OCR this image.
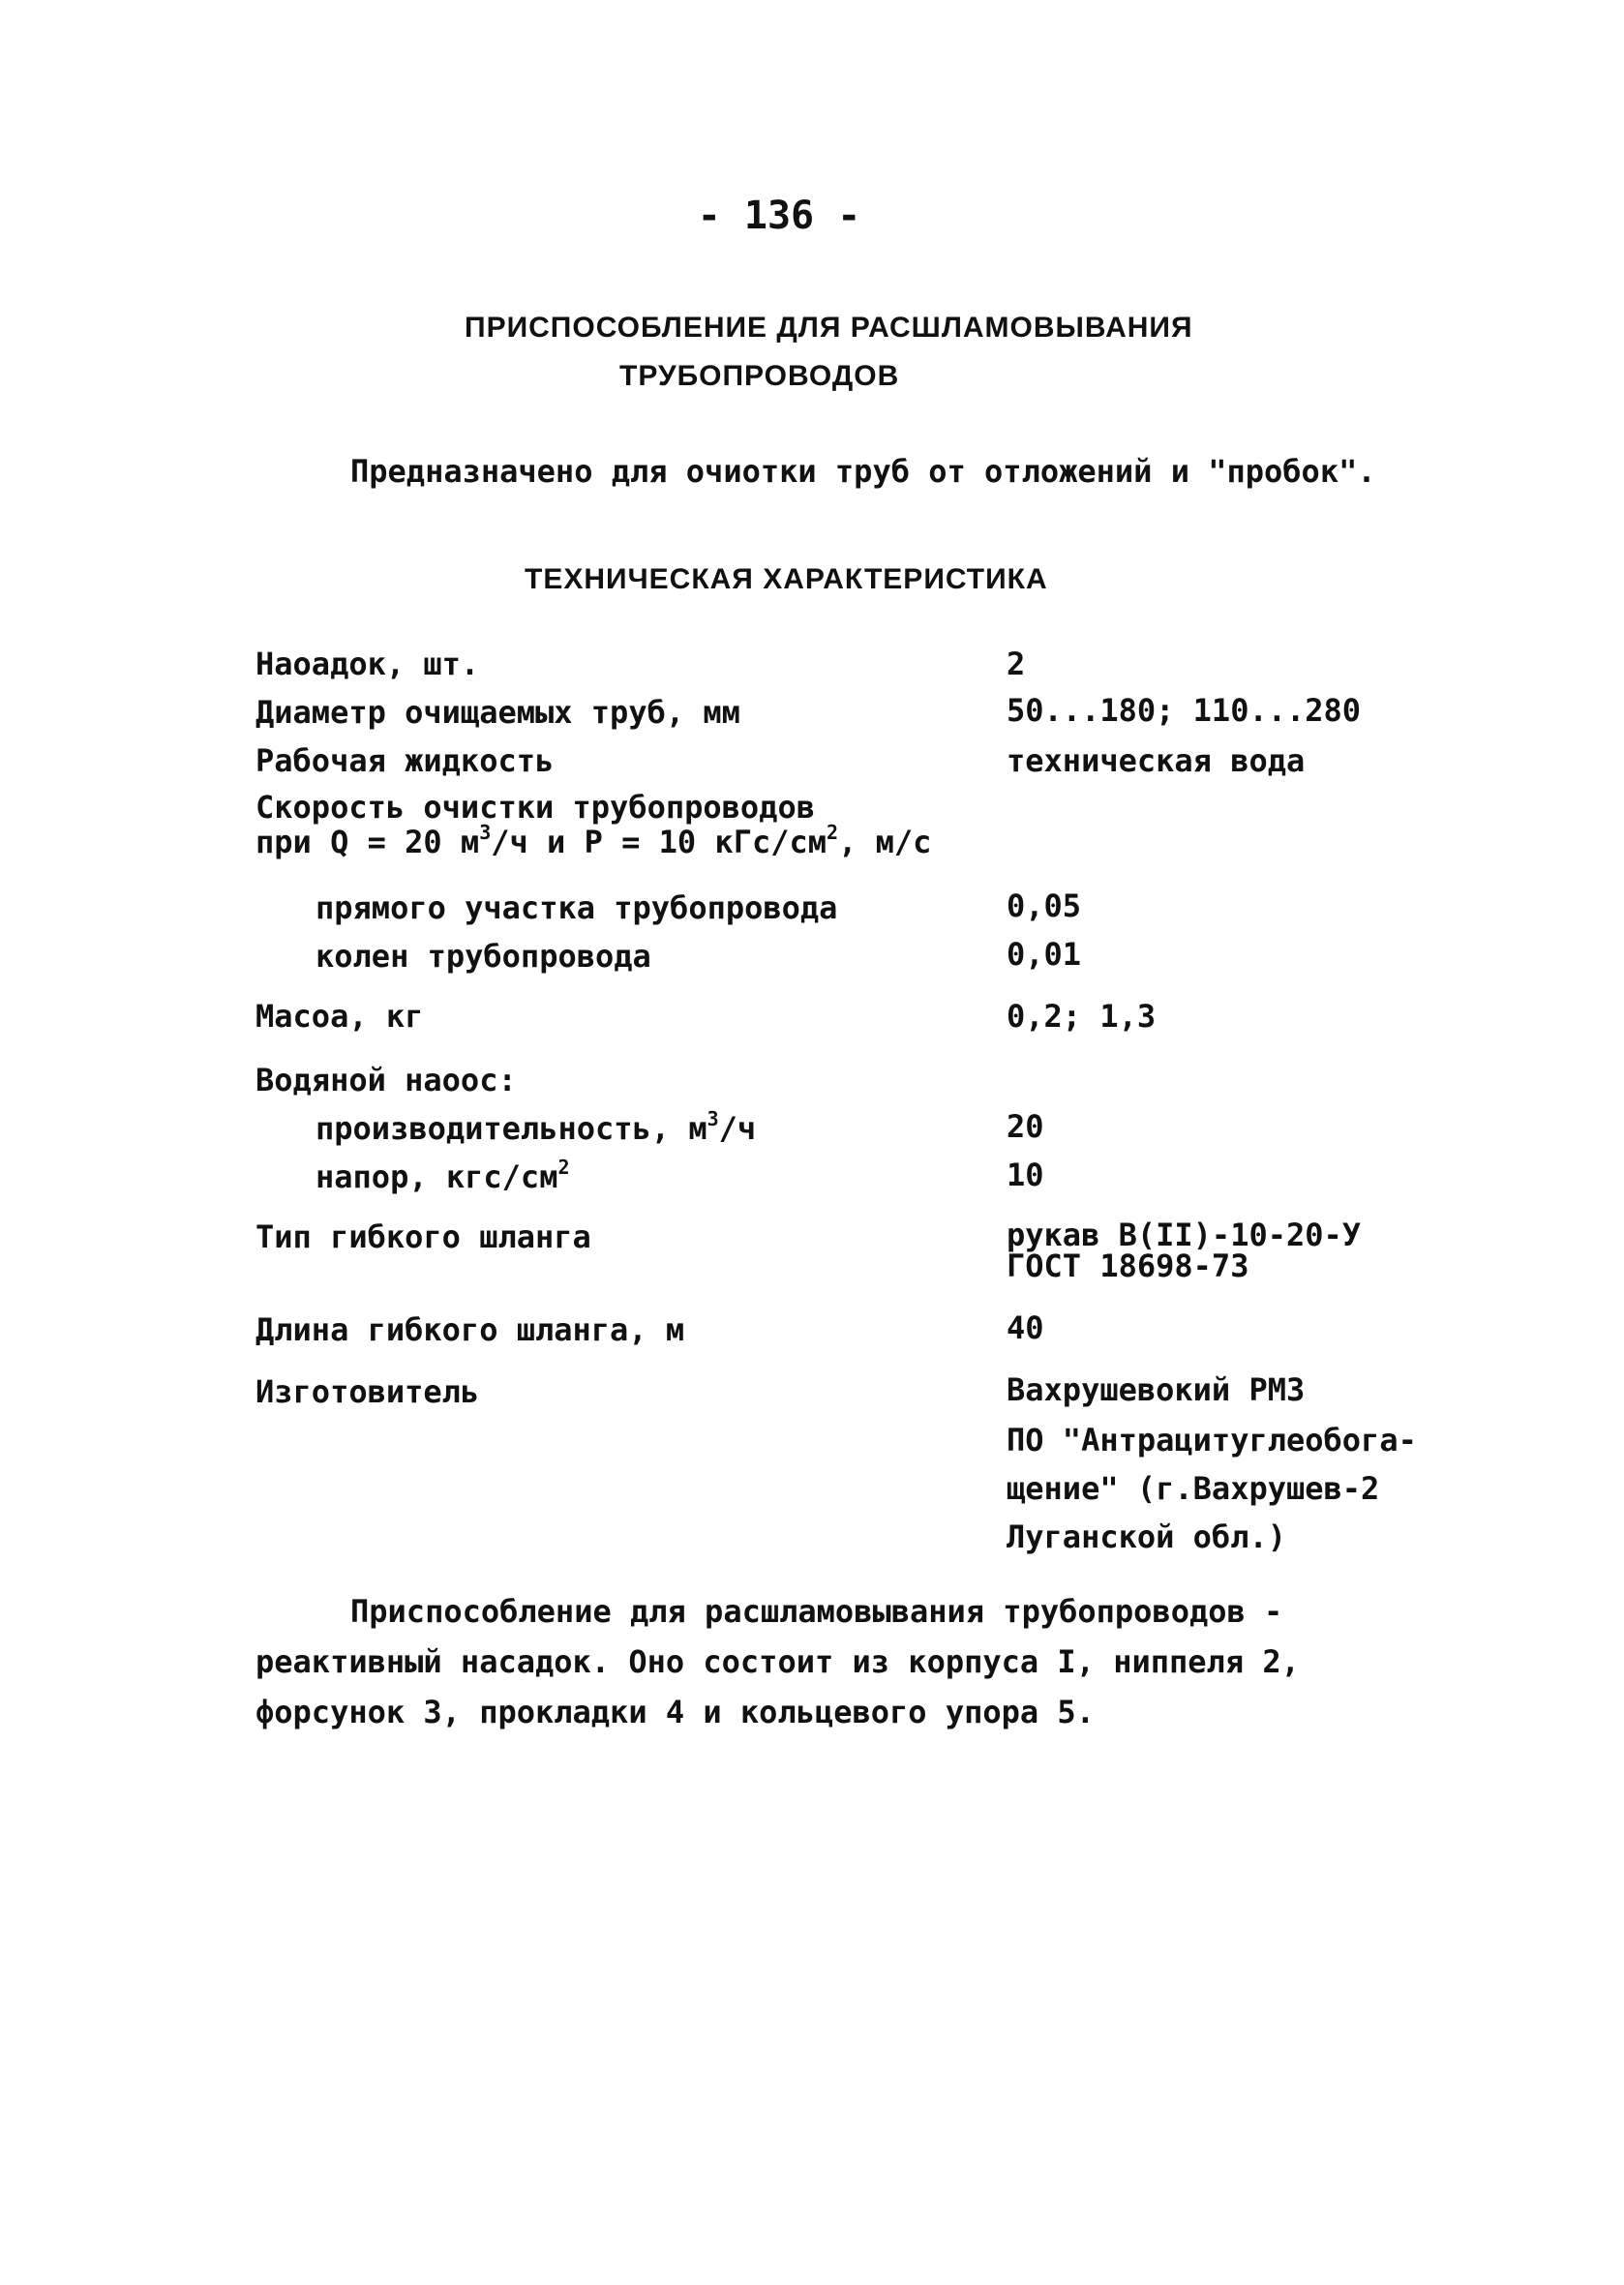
- 136 -
ПРИСПОСОБЛЕНИЕ ДЛЯ РАСШЛАМОВЫВАНИЯ
ТРУБОПРОВОДОВ
Предназначено для очиотки труб от отложений и "пробок".
ТЕХНИЧЕСКАЯ ХАРАКТЕРИСТИКА
Наоадок, шт.	2
Диаметр очищаемых труб, мм	50...180; 110...280
Рабочая жидкость	техническая вода
Скорость очистки трубопроводов
при Q = 20 $м^3/ч$ и P = 10 кГс/$см^2$, м/с
прямого участка трубопровода	0,05
колен трубопровода	0,01
Масоа, кг	0,2; 1,3
Водяной наоос:
производительность, $м^3/ч$	20
напор, кгс/$см^2$	10
Тип гибкого шланга	рукав В(II)-10-20-У
ГОСТ 18698-73
Длина гибкого шланга, м	40
Изготовитель	Вахрушевокий РМЗ
ПО "Антрацитуглеобога-
щение" (г.Вахрушев-2
Луганской обл.)
Приспособление для расшламовывания трубопроводов -
реактивный насадок. Оно состоит из корпуса I, ниппеля 2,
форсунок 3, прокладки 4 и кольцевого упора 5.
